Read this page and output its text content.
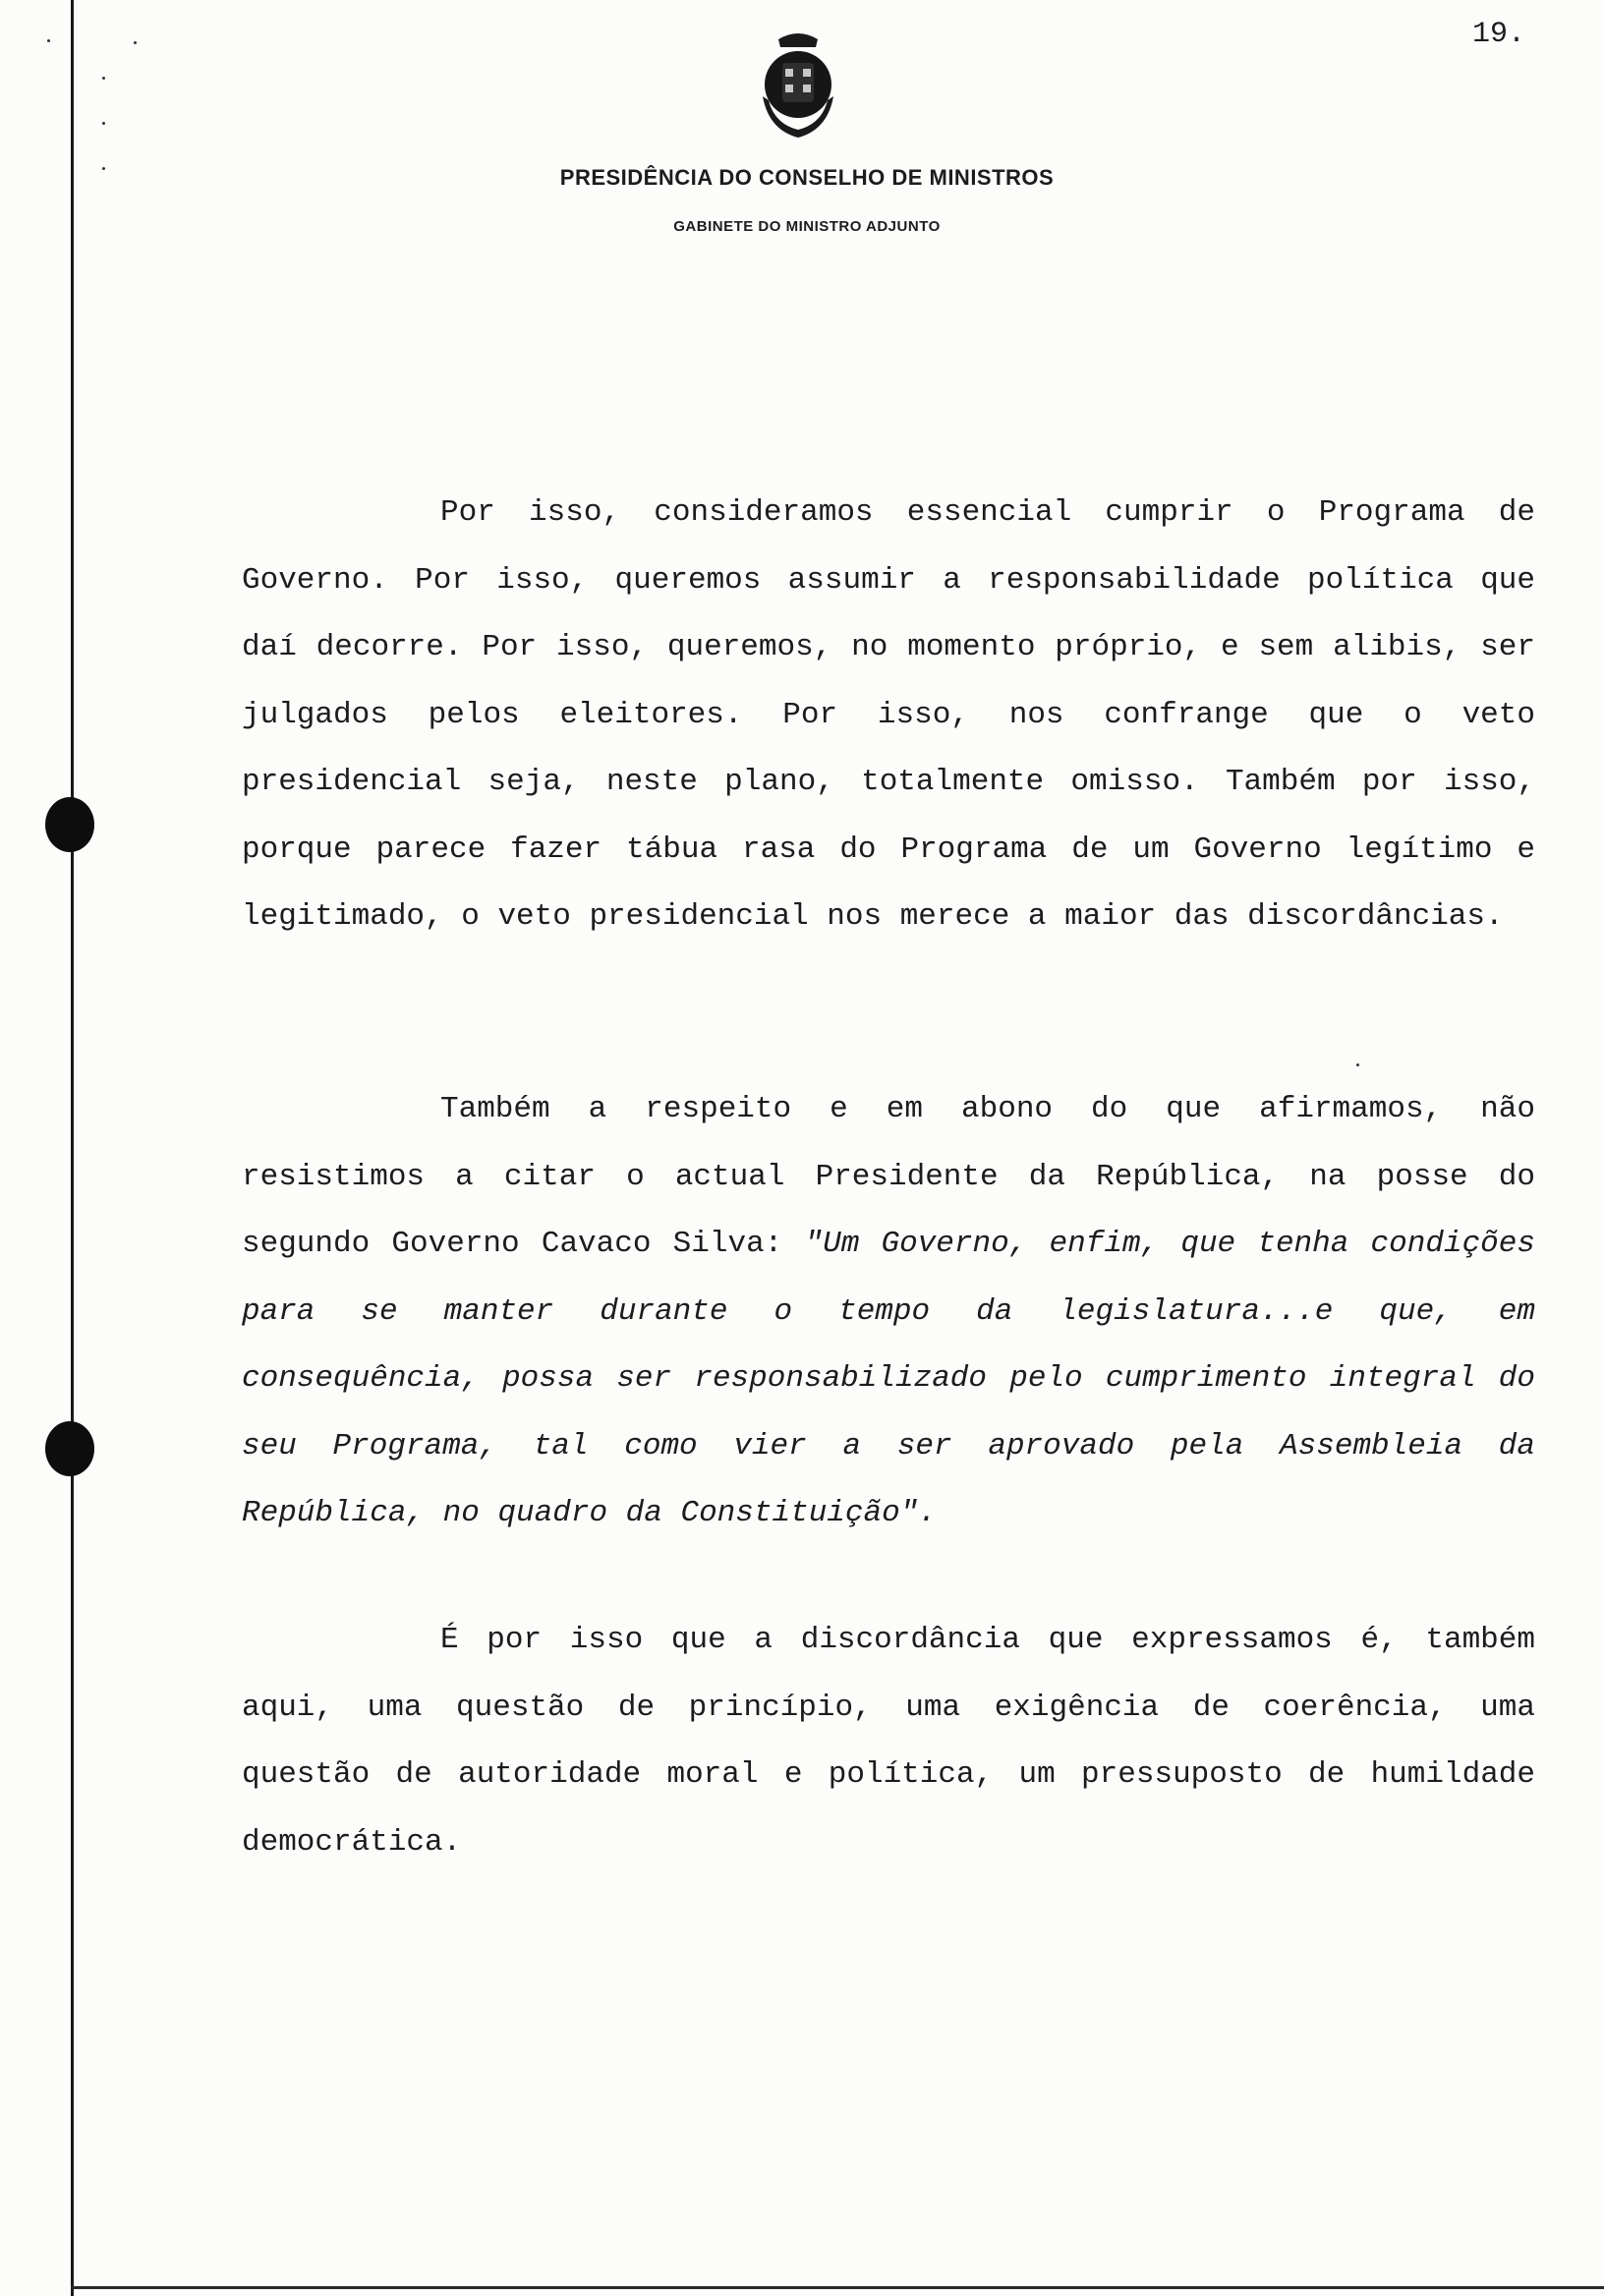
19.
PRESIDÊNCIA DO CONSELHO DE MINISTROS
GABINETE DO MINISTRO ADJUNTO

Por isso, consideramos essencial cumprir o Programa de Governo. Por isso, queremos assumir a responsabilidade política que daí decorre. Por isso, queremos, no momento próprio, e sem alibis, ser julgados pelos eleitores. Por isso, nos confrange que o veto presidencial seja, neste plano, totalmente omisso. Também por isso, porque parece fazer tábua rasa do Programa de um Governo legítimo e legitimado, o veto presidencial nos merece a maior das discordâncias.

Também a respeito e em abono do que afirmamos, não resistimos a citar o actual Presidente da República, na posse do segundo Governo Cavaco Silva: "Um Governo, enfim, que tenha condições para se manter durante o tempo da legislatura...e que, em consequência, possa ser responsabilizado pelo cumprimento integral do seu Programa, tal como vier a ser aprovado pela Assembleia da República, no quadro da Constituição".

É por isso que a discordância que expressamos é, também aqui, uma questão de princípio, uma exigência de coerência, uma questão de autoridade moral e política, um pressuposto de humildade democrática.
